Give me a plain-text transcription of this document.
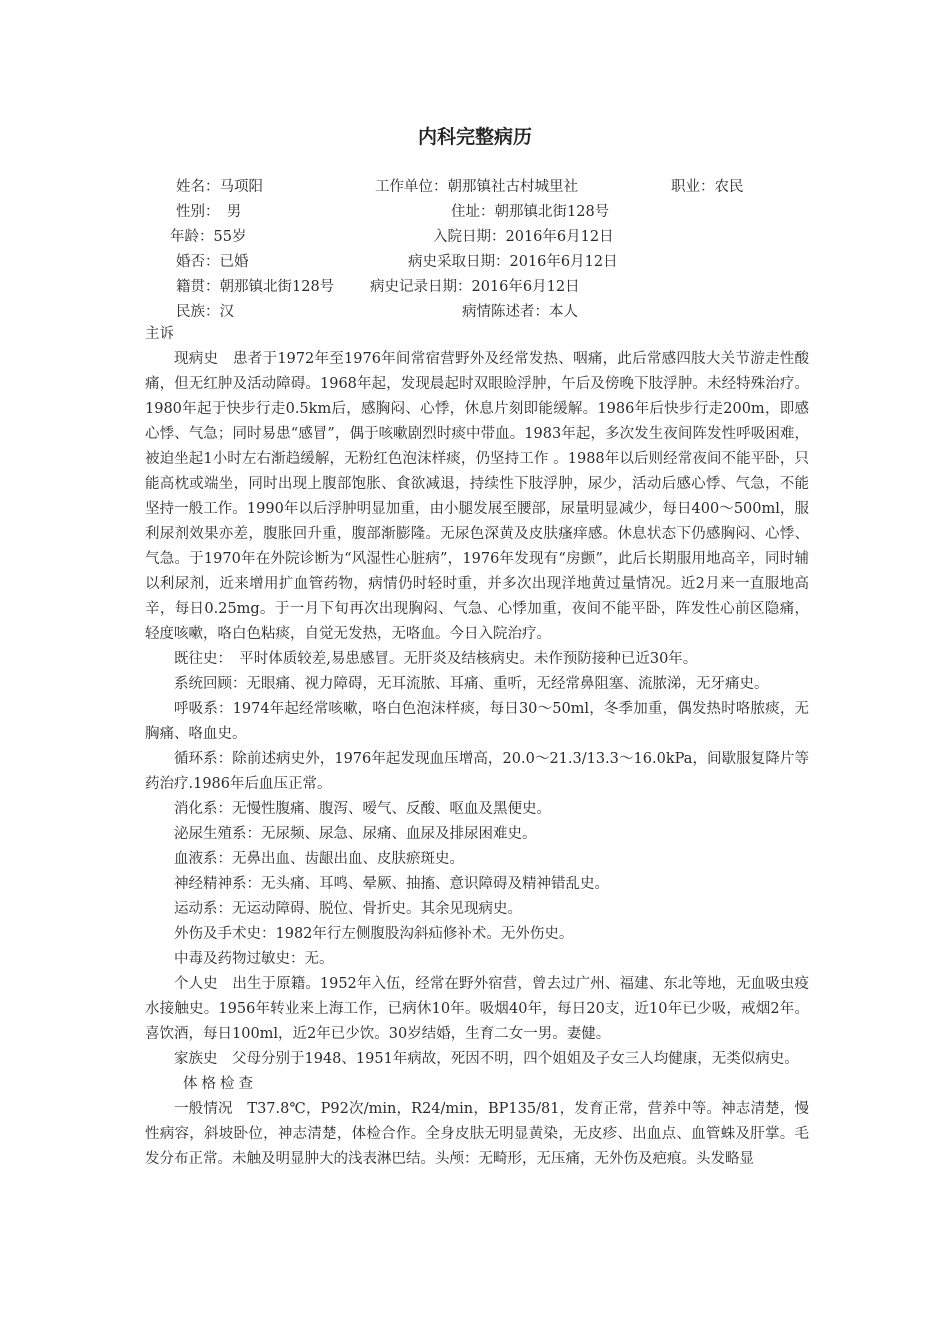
内科完整病历
姓名：马项阳	工作单位：朝那镇社古村城里社	职业：农民
性别：　男	住址：朝那镇北街128号
年龄：55岁	入院日期：2016年6月12日
婚否：已婚	病史采取日期：2016年6月12日
籍贯：朝那镇北街128号 病史记录日期：2016年6月12日
民族：汉	病情陈述者：本人

主诉

现病史　患者于1972年至1976年间常宿营野外及经常发热、咽痛，此后常感四肢大关节游走性酸痛，但无红肿及活动障碍。1968年起，发现晨起时双眼睑浮肿，午后及傍晚下肢浮肿。未经特殊治疗。1980年起于快步行走0.5km后，感胸闷、心悸，休息片刻即能缓解。1986年后快步行走200m，即感心悸、气急；同时易患“感冒”，偶于咳嗽剧烈时痰中带血。1983年起，多次发生夜间阵发性呼吸困难，被迫坐起1小时左右渐趋缓解，无粉红色泡沫样痰，仍坚持工作 。1988年以后则经常夜间不能平卧，只能高枕或端坐，同时出现上腹部饱胀、食欲减退，持续性下肢浮肿，尿少，活动后感心悸、气急，不能坚持一般工作。1990年以后浮肿明显加重，由小腿发展至腰部，尿量明显减少，每日400～500ml，服利尿剂效果亦差，腹胀回升重，腹部渐膨隆。无尿色深黄及皮肤瘙痒感。休息状态下仍感胸闷、心悸、气急。于1970年在外院诊断为“风湿性心脏病”，1976年发现有“房颤”，此后长期服用地高辛，同时辅以利尿剂，近来增用扩血管药物，病情仍时轻时重，并多次出现洋地黄过量情况。近2月来一直服地高辛，每日0.25mg。于一月下旬再次出现胸闷、气急、心悸加重，夜间不能平卧，阵发性心前区隐痛，轻度咳嗽，咯白色粘痰，自觉无发热，无咯血。今日入院治疗。

既往史：　平时体质较差,易患感冒。无肝炎及结核病史。未作预防接种已近30年。

系统回顾：无眼痛、视力障碍，无耳流脓、耳痛、重听，无经常鼻阻塞、流脓涕，无牙痛史。

呼吸系：1974年起经常咳嗽，咯白色泡沫样痰，每日30～50ml，冬季加重，偶发热时咯脓痰，无胸痛、咯血史。

循环系：除前述病史外，1976年起发现血压增高，20.0～21.3/13.3～16.0kPa，间歇服复降片等药治疗.1986年后血压正常。

消化系：无慢性腹痛、腹泻、嗳气、反酸、呕血及黑便史。

泌尿生殖系：无尿频、尿急、尿痛、血尿及排尿困难史。

血液系：无鼻出血、齿龈出血、皮肤瘀斑史。

神经精神系：无头痛、耳鸣、晕厥、抽搐、意识障碍及精神错乱史。

运动系：无运动障碍、脱位、骨折史。其余见现病史。

外伤及手术史：1982年行左侧腹股沟斜疝修补术。无外伤史。

中毒及药物过敏史：无。

个人史　出生于原籍。1952年入伍，经常在野外宿营，曾去过广州、福建、东北等地，无血吸虫疫水接触史。1956年转业来上海工作，已病休10年。吸烟40年，每日20支，近10年已少吸，戒烟2年。喜饮酒，每日100ml，近2年已少饮。30岁结婚，生育二女一男。妻健。

家族史　父母分别于1948、1951年病故，死因不明，四个姐姐及子女三人均健康，无类似病史。

体格检查

一般情况　T37.8℃，P92次/min，R24/min，BP135/81，发育正常，营养中等。神志清楚，慢性病容，斜坡卧位，神志清楚，体检合作。全身皮肤无明显黄染，无皮疹、出血点、血管蛛及肝掌。毛发分布正常。未触及明显肿大的浅表淋巴结。头颅：无畸形，无压痛，无外伤及疤痕。头发略显
